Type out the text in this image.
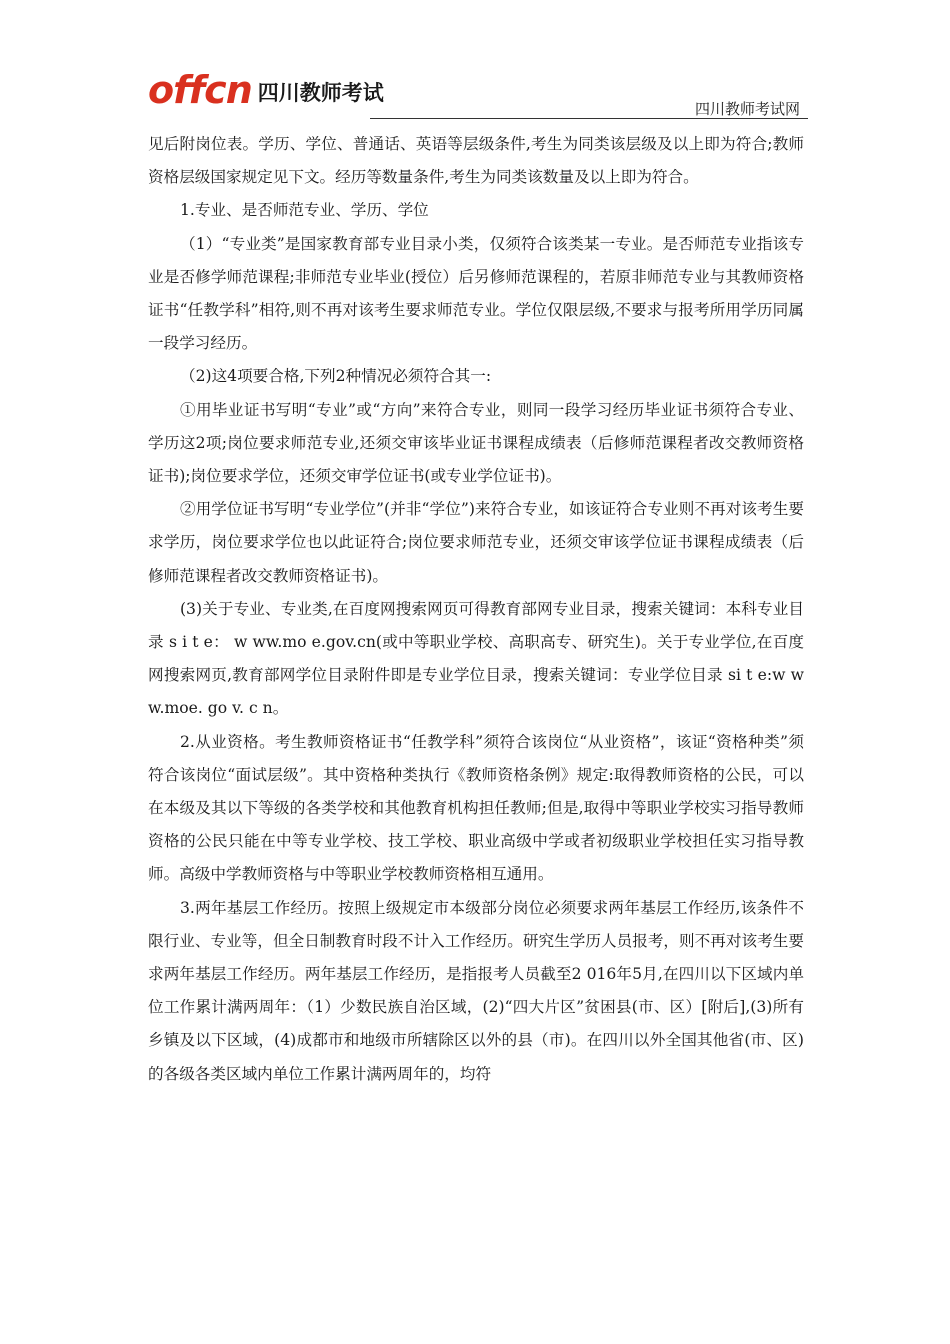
offcn 四川教师考试
四川教师考试网

见后附岗位表。学历、学位、普通话、英语等层级条件,考生为同类该层级及以上即为符合;教师资格层级国家规定见下文。经历等数量条件,考生为同类该数量及以上即为符合。

1.专业、是否师范专业、学历、学位

（1）“专业类”是国家教育部专业目录小类，仅须符合该类某一专业。是否师范专业指该专业是否修学师范课程;非师范专业毕业(授位）后另修师范课程的，若原非师范专业与其教师资格证书“任教学科”相符,则不再对该考生要求师范专业。学位仅限层级,不要求与报考所用学历同属一段学习经历。

（2)这4项要合格,下列2种情况必须符合其一:

①用毕业证书写明“专业”或“方向”来符合专业，则同一段学习经历毕业证书须符合专业、学历这2项;岗位要求师范专业,还须交审该毕业证书课程成绩表（后修师范课程者改交教师资格证书);岗位要求学位，还须交审学位证书(或专业学位证书)。

②用学位证书写明“专业学位”(并非“学位”)来符合专业，如该证符合专业则不再对该考生要求学历，岗位要求学位也以此证符合;岗位要求师范专业，还须交审该学位证书课程成绩表（后修师范课程者改交教师资格证书)。

(3)关于专业、专业类,在百度网搜索网页可得教育部网专业目录，搜索关键词：本科专业目录 s i t e： w ww.mo e.gov.cn(或中等职业学校、高职高专、研究生)。关于专业学位,在百度网搜索网页,教育部网学位目录附件即是专业学位目录，搜索关键词：专业学位目录 si t e:w w w.moe. go v. c n。

2.从业资格。考生教师资格证书“任教学科”须符合该岗位“从业资格”，该证“资格种类”须符合该岗位“面试层级”。其中资格种类执行《教师资格条例》规定:取得教师资格的公民，可以在本级及其以下等级的各类学校和其他教育机构担任教师;但是,取得中等职业学校实习指导教师资格的公民只能在中等专业学校、技工学校、职业高级中学或者初级职业学校担任实习指导教师。高级中学教师资格与中等职业学校教师资格相互通用。

3.两年基层工作经历。按照上级规定市本级部分岗位必须要求两年基层工作经历,该条件不限行业、专业等，但全日制教育时段不计入工作经历。研究生学历人员报考，则不再对该考生要求两年基层工作经历。两年基层工作经历，是指报考人员截至2 016年5月,在四川以下区域内单位工作累计满两周年：（1）少数民族自治区域，(2)“四大片区”贫困县(市、区）[附后],(3)所有乡镇及以下区域，(4)成都市和地级市所辖除区以外的县（市)。在四川以外全国其他省(市、区)的各级各类区域内单位工作累计满两周年的，均符
